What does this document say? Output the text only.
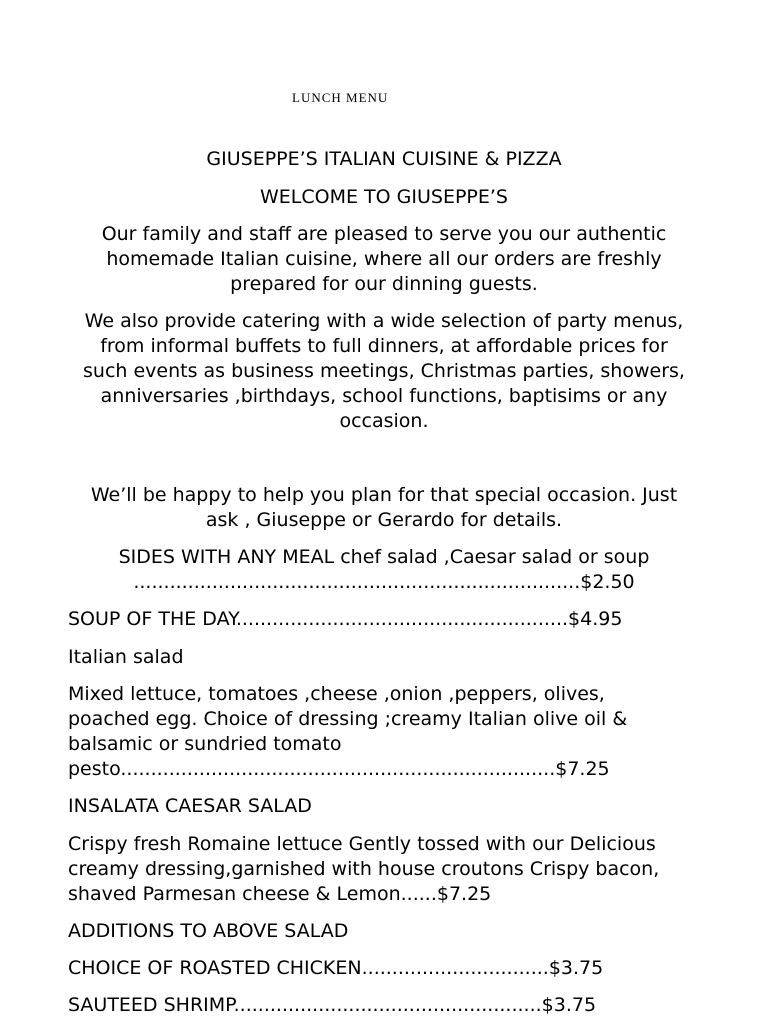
LUNCH MENU
GIUSEPPE’S ITALIAN CUISINE & PIZZA
WELCOME TO GIUSEPPE’S
Our family and staff are pleased to serve you our authentic
homemade Italian cuisine, where all our orders are freshly
prepared for our dinning guests.
We also provide catering with a wide selection of party menus,
from informal buffets to full dinners, at affordable prices for
such events as business meetings, Christmas parties, showers,
anniversaries ,birthdays, school functions, baptisims or any
occasion.
We’ll be happy to help you plan for that special occasion. Just
ask , Giuseppe or Gerardo for details.
SIDES WITH ANY MEAL chef salad ,Caesar salad or soup
..........................................................................$2.50
SOUP OF THE DAY.......................................................$4.95
Italian salad
Mixed lettuce, tomatoes ,cheese ,onion ,peppers, olives,
poached egg. Choice of dressing ;creamy Italian olive oil &
balsamic or sundried tomato
pesto........................................................................$7.25
INSALATA CAESAR SALAD
Crispy fresh Romaine lettuce Gently tossed with our Delicious
creamy dressing,garnished with house croutons Crispy bacon,
shaved Parmesan cheese & Lemon......$7.25
ADDITIONS TO ABOVE SALAD
CHOICE OF ROASTED CHICKEN...............................$3.75
SAUTEED SHRIMP...................................................$3.75
